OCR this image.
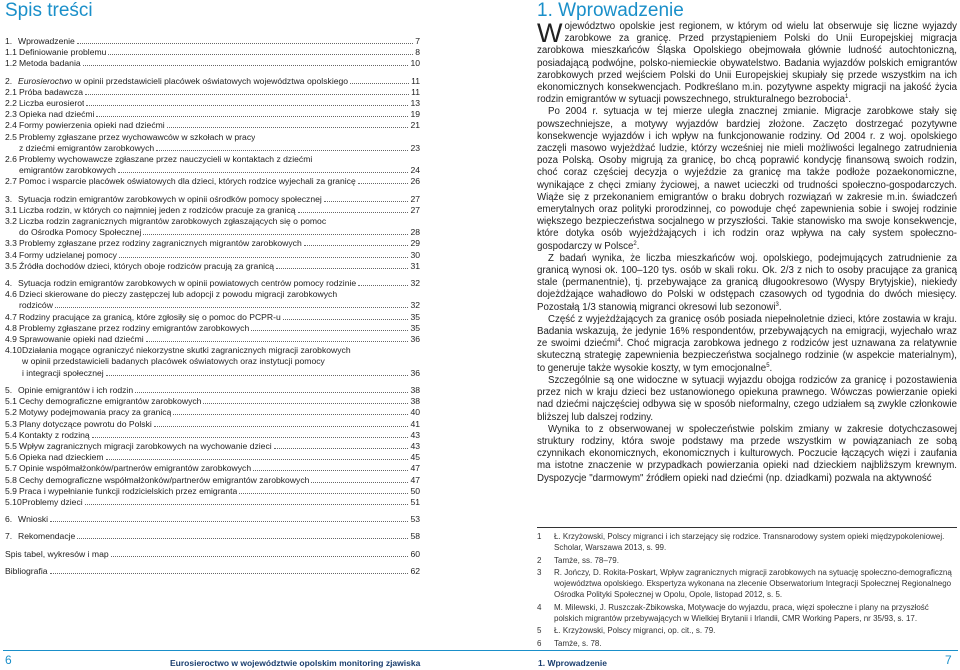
Spis treści
1. Wprowadzenie	7
1.1 Definiowanie problemu	8
1.2 Metoda badania	10
2. Eurosieroctwo w opinii przedstawicieli placówek oświatowych województwa opolskiego	11
2.1 Próba badawcza	11
2.2 Liczba eurosierot	13
2.3 Opieka nad dziećmi	19
2.4 Formy powierzenia opieki nad dziećmi	21
2.5 Problemy zgłaszane przez wychowawców w szkołach w pracy
z dziećmi emigrantów zarobkowych	23
2.6 Problemy wychowawcze zgłaszane przez nauczycieli w kontaktach z dziećmi
emigrantów zarobkowych	24
2.7 Pomoc i wsparcie placówek oświatowych dla dzieci, których rodzice wyjechali za granicę	26
3. Sytuacja rodzin emigrantów zarobkowych w opinii ośrodków pomocy społecznej	27
3.1 Liczba rodzin, w których co najmniej jeden z rodziców pracuje za granicą	27
3.2 Liczba rodzin zagranicznych migrantów zarobkowych zgłaszających się o pomoc
do Ośrodka Pomocy Społecznej	28
3.3 Problemy zgłaszane przez rodziny zagranicznych migrantów zarobkowych	29
3.4 Formy udzielanej pomocy	30
3.5 Źródła dochodów dzieci, których oboje rodziców pracują za granicą	31
4. Sytuacja rodzin emigrantów zarobkowych w opinii powiatowych centrów pomocy rodzinie	32
4.6 Dzieci skierowane do pieczy zastępczej lub adopcji z powodu migracji zarobkowych
rodziców	32
4.7 Rodziny pracujące za granicą, które zgłosiły się o pomoc do PCPR-u	35
4.8 Problemy zgłaszane przez rodziny emigrantów zarobkowych	35
4.9 Sprawowanie opieki nad dziećmi	36
4.10 Działania mogące ograniczyć niekorzystne skutki zagranicznych migracji zarobkowych
w opinii przedstawicieli badanych placówek oświatowych oraz instytucji pomocy
i integracji społecznej	36
5. Opinie emigrantów i ich rodzin	38
5.1 Cechy demograficzne emigrantów zarobkowych	38
5.2 Motywy podejmowania pracy za granicą	40
5.3 Plany dotyczące powrotu do Polski	41
5.4 Kontakty z rodziną	43
5.5 Wpływ zagranicznych migracji zarobkowych na wychowanie dzieci	43
5.6 Opieka nad dzieckiem	45
5.7 Opinie współmałżonków/partnerów emigrantów zarobkowych	47
5.8 Cechy demograficzne współmałżonków/partnerów emigrantów zarobkowych	47
5.9 Praca i wypełnianie funkcji rodzicielskich przez emigranta	50
5.10 Problemy dzieci	51
6. Wnioski	53
7. Rekomendacje	58
Spis tabel, wykresów i map	60
Bibliografia	62
1. Wprowadzenie

Województwo opolskie jest regionem, w którym od wielu lat obserwuje się liczne wyjazdy zarobkowe za granicę. Przed przystąpieniem Polski do Unii Europejskiej migracja zarobkowa mieszkańców Śląska Opolskiego obejmowała głównie ludność autochtoniczną, posiadającą podwójne, polsko-niemieckie obywatelstwo. Badania wyjazdów polskich emigrantów zarobkowych przed wejściem Polski do Unii Europejskiej skupiały się przede wszystkim na ich ekonomicznych konsekwencjach. Podkreślano m.in. pozytywne aspekty migracji na jakość życia rodzin emigrantów w sytuacji powszechnego, strukturalnego bezrobocia$^1$.

Po 2004 r. sytuacja w tej mierze uległa znacznej zmianie. Migracje zarobkowe stały się powszechniejsze, a motywy wyjazdów bardziej złożone. Zaczęto dostrzegać pozytywne konsekwencje wyjazdów i ich wpływ na funkcjonowanie rodziny. Od 2004 r. z woj. opolskiego zaczęli masowo wyjeżdżać ludzie, którzy wcześniej nie mieli możliwości legalnego zatrudnienia poza Polską. Osoby migrują za granicę, bo chcą poprawić kondycję finansową swoich rodzin, choć coraz częściej decyzja o wyjeździe za granicę ma także podłoże pozaekonomiczne, wynikające z chęci zmiany życiowej, a nawet ucieczki od trudności społeczno-gospodarczych. Wiąże się z przekonaniem emigrantów o braku dobrych rozwiązań w zakresie m.in. świadczeń emerytalnych oraz polityki prorodzinnej, co powoduje chęć zapewnienia sobie i swojej rodzinie większego bezpieczeństwa socjalnego w przyszłości. Takie stanowisko ma swoje konsekwencje, które dotyka osób wyjeżdżających i ich rodzin oraz wpływa na cały system społeczno-gospodarczy w Polsce$^2$.

Z badań wynika, że liczba mieszkańców woj. opolskiego, podejmujących zatrudnienie za granicą wynosi ok. 100–120 tys. osób w skali roku. Ok. 2/3 z nich to osoby pracujące za granicą stale (permanentnie), tj. przebywające za granicą długookresowo (Wyspy Brytyjskie), niekiedy dojeżdżające wahadłowo do Polski w odstępach czasowych od tygodnia do dwóch miesięcy. Pozostałą 1/3 stanowią migranci okresowi lub sezonowi$^3$.

Część z wyjeżdżających za granicę osób posiada niepełnoletnie dzieci, które zostawia w kraju. Badania wskazują, że jedynie 16% respondentów, przebywających na emigracji, wyjechało wraz ze swoimi dziećmi$^4$. Choć migracja zarobkowa jednego z rodziców jest uznawana za relatywnie skuteczną strategię zapewnienia bezpieczeństwa socjalnego rodzinie (w aspekcie materialnym), to generuje także wysokie koszty, w tym emocjonalne$^5$.

Szczególnie są one widoczne w sytuacji wyjazdu obojga rodziców za granicę i pozostawienia przez nich w kraju dzieci bez ustanowionego opiekuna prawnego. Wówczas powierzanie opieki nad dziećmi najczęściej odbywa się w sposób nieformalny, czego udziałem są zwykle członkowie bliższej lub dalszej rodziny.

Wynika to z obserwowanej w społeczeństwie polskim zmiany w zakresie dotychczasowej struktury rodziny, która swoje podstawy ma przede wszystkim w powiązaniach ze sobą czynnikach ekonomicznych, ekonomicznych i kulturowych. Poczucie łączących więzi i zaufania ma istotne znaczenie w przypadkach powierzania opieki nad dzieckiem najbliższym krewnym. Dyspozycje "darmowym" źródłem opieki nad dziećmi (np. dziadkami) pozwala na aktywność

1	Ł. Krzyżowski, Polscy migranci i ich starzejący się rodzice. Transnarodowy system opieki międzypokoleniowej. Scholar, Warszawa 2013, s. 99.
2	Tamże, ss. 78–79.
3	R. Jończy, D. Rokita-Poskart, Wpływ zagranicznych migracji zarobkowych na sytuację społeczno-demograficzną województwa opolskiego. Ekspertyza wykonana na zlecenie Obserwatorium Integracji Społecznej Regionalnego Ośrodka Polityki Społecznej w Opolu, Opole, listopad 2012, s. 5.
4	M. Milewski, J. Ruszczak-Żbikowska, Motywacje do wyjazdu, praca, więzi społeczne i plany na przyszłość polskich migrantów przebywających w Wielkiej Brytanii i Irlandii, CMR Working Papers, nr 35/93, s. 17.
5	Ł. Krzyżowski, Polscy migranci, op. cit., s. 79.
6	Tamże, s. 78.
6	Eurosieroctwo w województwie opolskim monitoring zjawiska	1. Wprowadzenie	7
